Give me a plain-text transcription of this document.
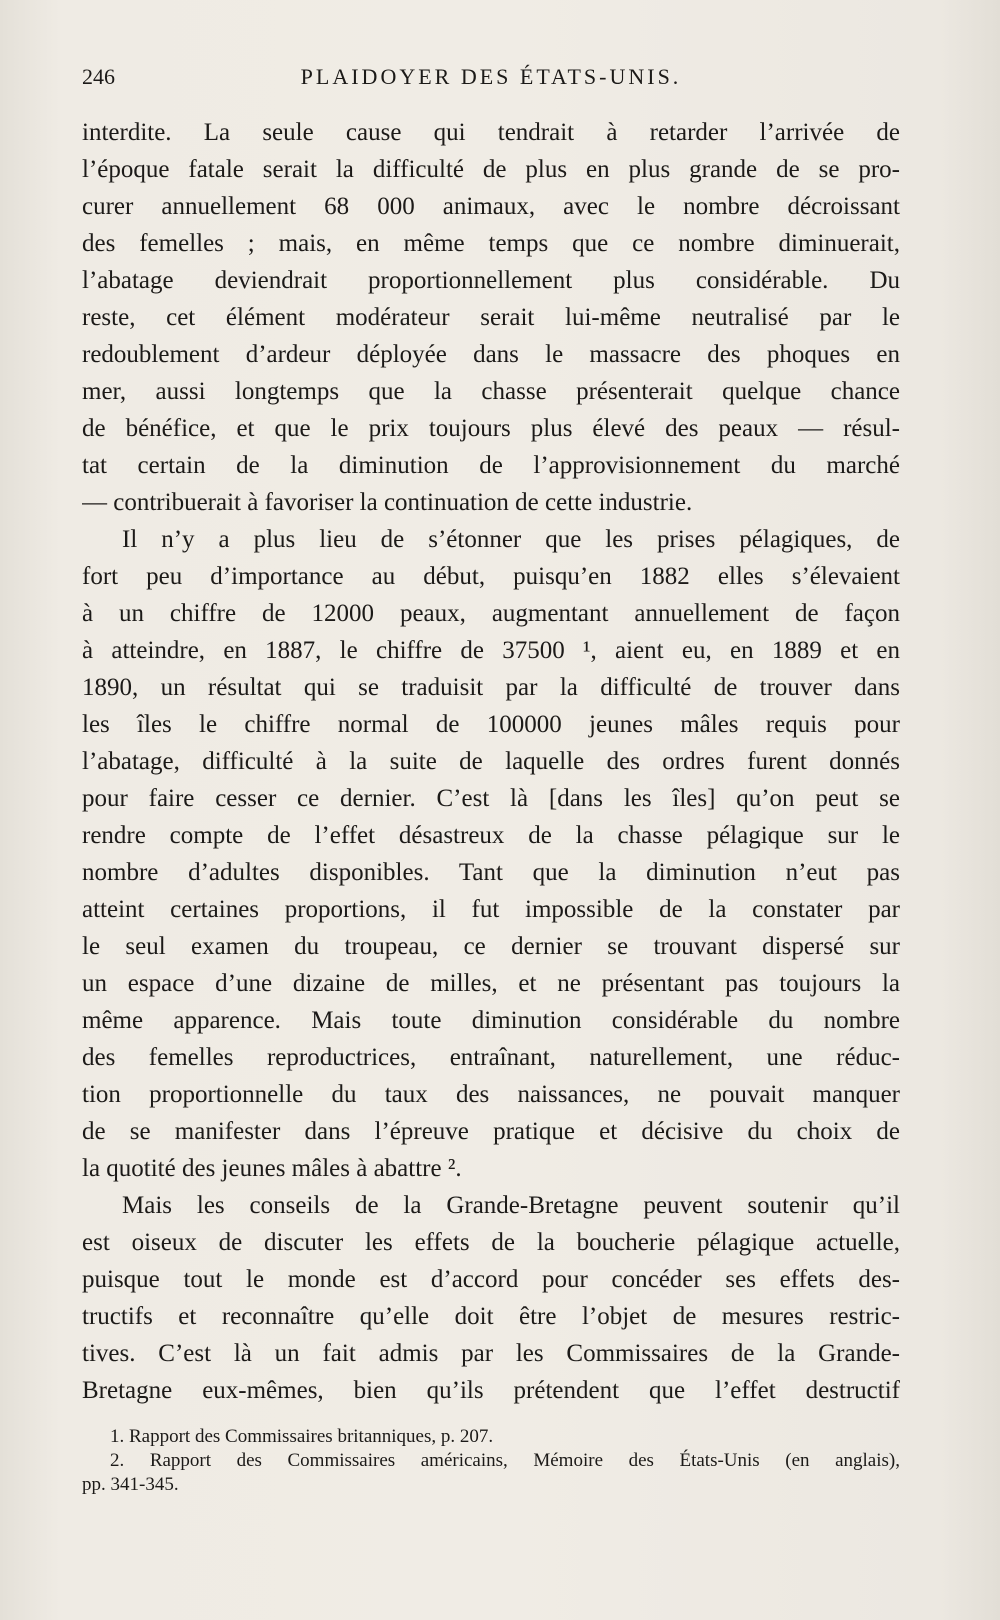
246	PLAIDOYER DES ÉTATS-UNIS.
interdite. La seule cause qui tendrait à retarder l’arrivée de
l’époque fatale serait la difficulté de plus en plus grande de se pro-
curer annuellement 68 000 animaux, avec le nombre décroissant
des femelles ; mais, en même temps que ce nombre diminuerait,
l’abatage deviendrait proportionnellement plus considérable. Du
reste, cet élément modérateur serait lui-même neutralisé par le
redoublement d’ardeur déployée dans le massacre des phoques en
mer, aussi longtemps que la chasse présenterait quelque chance
de bénéfice, et que le prix toujours plus élevé des peaux — résul-
tat certain de la diminution de l’approvisionnement du marché
— contribuerait à favoriser la continuation de cette industrie.
Il n’y a plus lieu de s’étonner que les prises pélagiques, de
fort peu d’importance au début, puisqu’en 1882 elles s’élevaient
à un chiffre de 12000 peaux, augmentant annuellement de façon
à atteindre, en 1887, le chiffre de 37500 ¹, aient eu, en 1889 et en
1890, un résultat qui se traduisit par la difficulté de trouver dans
les îles le chiffre normal de 100000 jeunes mâles requis pour
l’abatage, difficulté à la suite de laquelle des ordres furent donnés
pour faire cesser ce dernier. C’est là [dans les îles] qu’on peut se
rendre compte de l’effet désastreux de la chasse pélagique sur le
nombre d’adultes disponibles. Tant que la diminution n’eut pas
atteint certaines proportions, il fut impossible de la constater par
le seul examen du troupeau, ce dernier se trouvant dispersé sur
un espace d’une dizaine de milles, et ne présentant pas toujours la
même apparence. Mais toute diminution considérable du nombre
des femelles reproductrices, entraînant, naturellement, une réduc-
tion proportionnelle du taux des naissances, ne pouvait manquer
de se manifester dans l’épreuve pratique et décisive du choix de
la quotité des jeunes mâles à abattre ².
Mais les conseils de la Grande-Bretagne peuvent soutenir qu’il
est oiseux de discuter les effets de la boucherie pélagique actuelle,
puisque tout le monde est d’accord pour concéder ses effets des-
tructifs et reconnaître qu’elle doit être l’objet de mesures restric-
tives. C’est là un fait admis par les Commissaires de la Grande-
Bretagne eux-mêmes, bien qu’ils prétendent que l’effet destructif
1. Rapport des Commissaires britanniques, p. 207.
2. Rapport des Commissaires américains, Mémoire des États-Unis (en anglais),
pp. 341-345.
